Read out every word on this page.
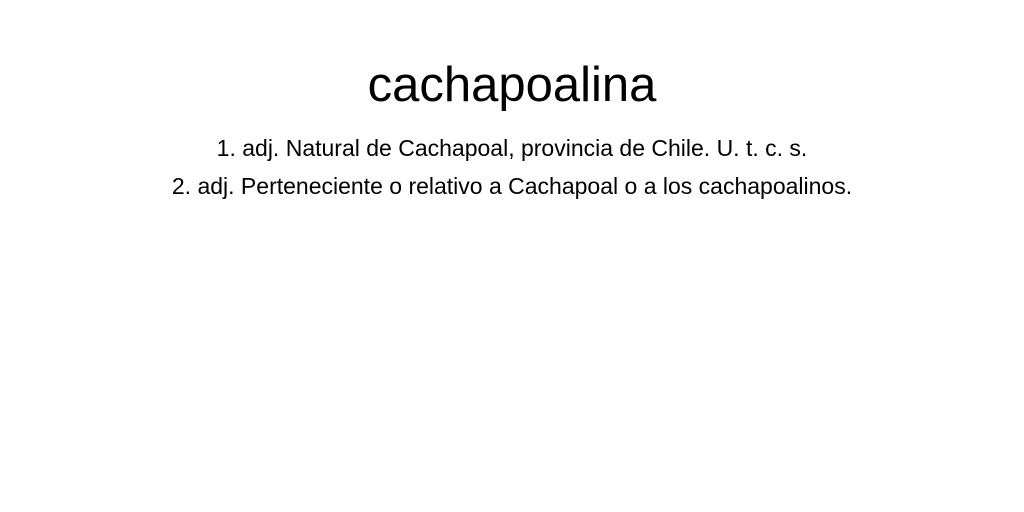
cachapoalina
1. adj. Natural de Cachapoal, provincia de Chile. U. t. c. s.
2. adj. Perteneciente o relativo a Cachapoal o a los cachapoalinos.
